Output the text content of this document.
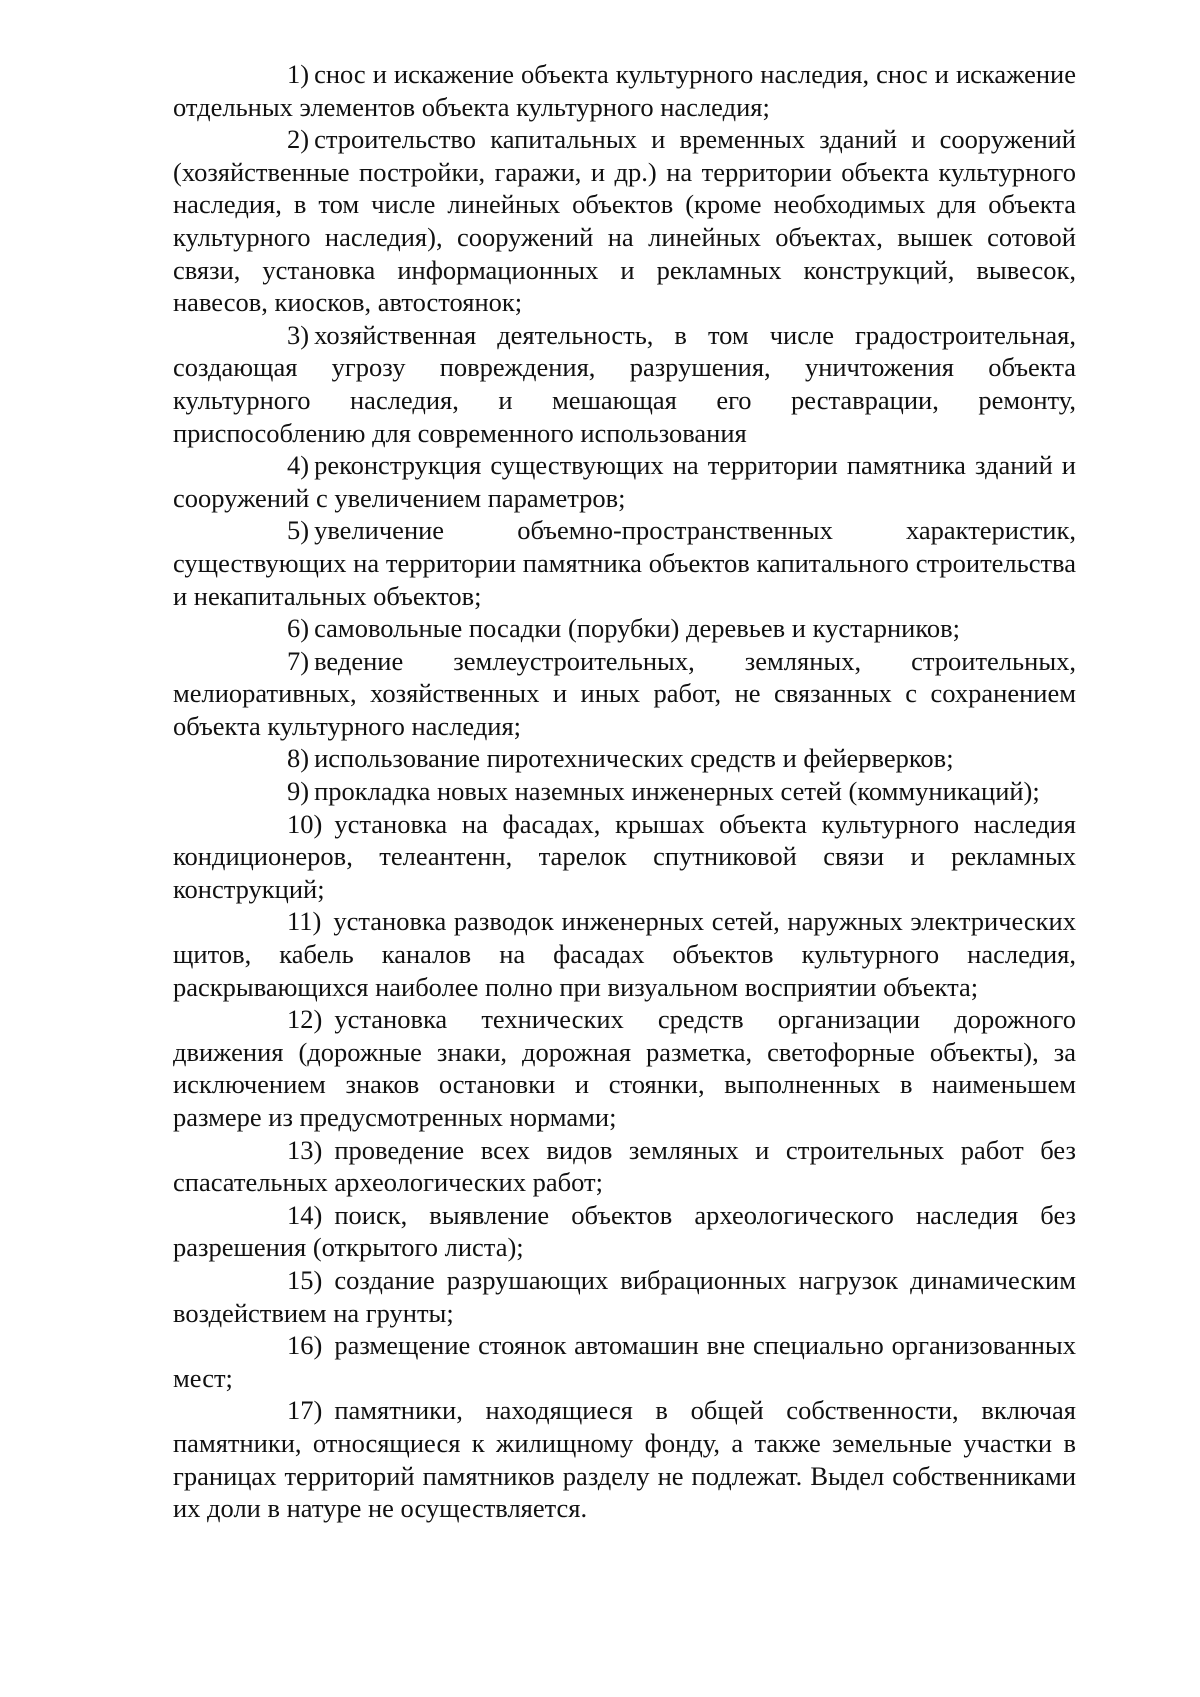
1) снос и искажение объекта культурного наследия, снос и искажение отдельных элементов объекта культурного наследия;

2) строительство капитальных и временных зданий и сооружений (хозяйственные постройки, гаражи, и др.) на территории объекта культурного наследия, в том числе линейных объектов (кроме необходимых для объекта культурного наследия), сооружений на линейных объектах, вышек сотовой связи, установка информационных и рекламных конструкций, вывесок, навесов, киосков, автостоянок;

3) хозяйственная деятельность, в том числе градостроительная, создающая угрозу повреждения, разрушения, уничтожения объекта культурного наследия, и мешающая его реставрации, ремонту, приспособлению для современного использования

4) реконструкция существующих на территории памятника зданий и сооружений с увеличением параметров;

5) увеличение объемно-пространственных характеристик, существующих на территории памятника объектов капитального строительства и некапитальных объектов;

6) самовольные посадки (порубки) деревьев и кустарников;

7) ведение землеустроительных, земляных, строительных, мелиоративных, хозяйственных и иных работ, не связанных с сохранением объекта культурного наследия;

8) использование пиротехнических средств и фейерверков;

9) прокладка новых наземных инженерных сетей (коммуникаций);

10) установка на фасадах, крышах объекта культурного наследия кондиционеров, телеантенн, тарелок спутниковой связи и рекламных конструкций;

11) установка разводок инженерных сетей, наружных электрических щитов, кабель каналов на фасадах объектов культурного наследия, раскрывающихся наиболее полно при визуальном восприятии объекта;

12) установка технических средств организации дорожного движения (дорожные знаки, дорожная разметка, светофорные объекты), за исключением знаков остановки и стоянки, выполненных в наименьшем размере из предусмотренных нормами;

13) проведение всех видов земляных и строительных работ без спасательных археологических работ;

14) поиск, выявление объектов археологического наследия без разрешения (открытого листа);

15) создание разрушающих вибрационных нагрузок динамическим воздействием на грунты;

16) размещение стоянок автомашин вне специально организованных мест;

17) памятники, находящиеся в общей собственности, включая памятники, относящиеся к жилищному фонду, а также земельные участки в границах территорий памятников разделу не подлежат. Выдел собственниками их доли в натуре не осуществляется.
